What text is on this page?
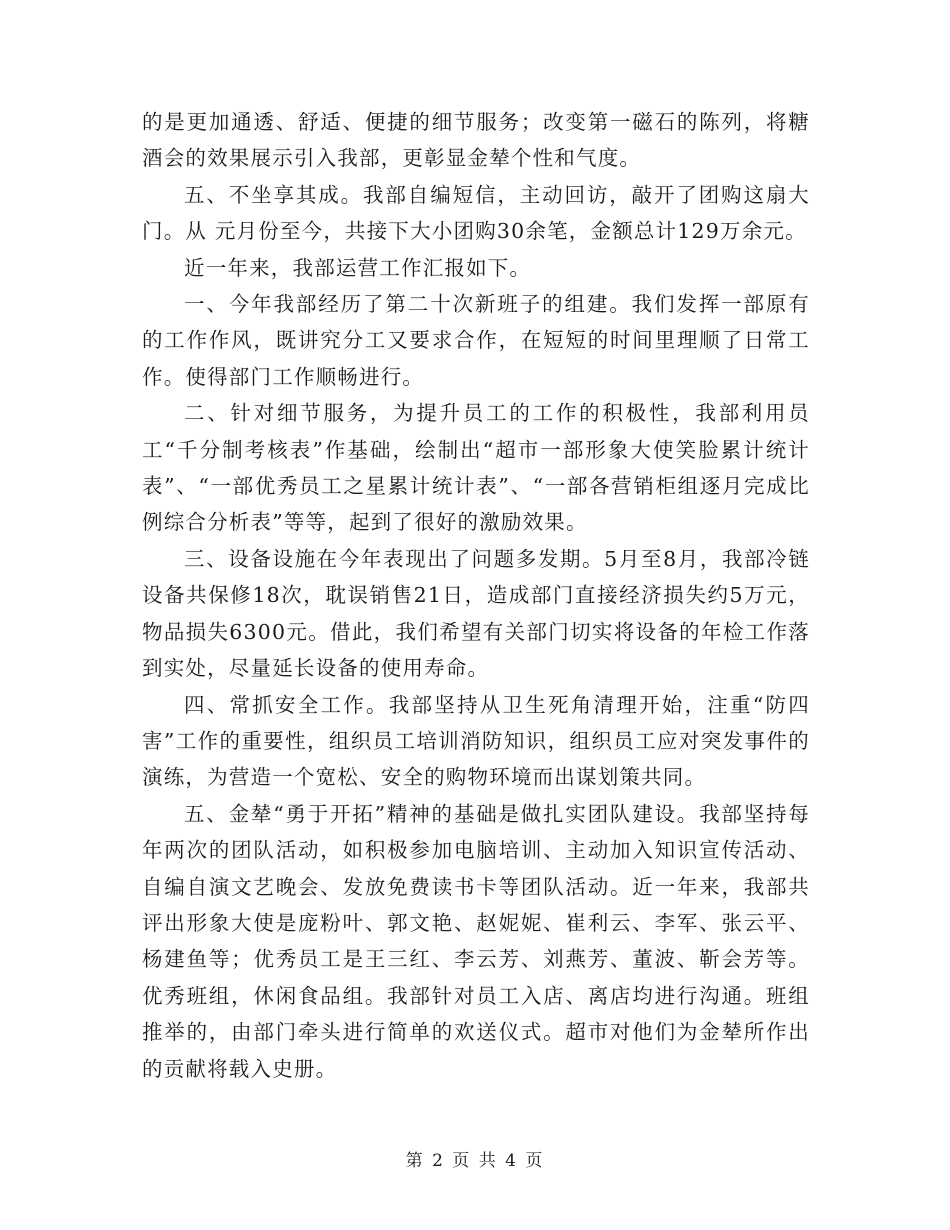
的是更加通透、舒适、便捷的细节服务；改变第一磁石的陈列，将糖酒会的效果展示引入我部，更彰显金辇个性和气度。

五、不坐享其成。我部自编短信，主动回访，敲开了团购这扇大门。从 元月份至今，共接下大小团购30余笔，金额总计129万余元。

近一年来，我部运营工作汇报如下。

一、今年我部经历了第二十次新班子的组建。我们发挥一部原有的工作作风，既讲究分工又要求合作，在短短的时间里理顺了日常工作。使得部门工作顺畅进行。

二、针对细节服务，为提升员工的工作的积极性，我部利用员工“千分制考核表”作基础，绘制出“超市一部形象大使笑脸累计统计表”、“一部优秀员工之星累计统计表”、“一部各营销柜组逐月完成比例综合分析表”等等，起到了很好的激励效果。

三、设备设施在今年表现出了问题多发期。5月至8月，我部冷链设备共保修18次，耽误销售21日，造成部门直接经济损失约5万元，物品损失6300元。借此，我们希望有关部门切实将设备的年检工作落到实处，尽量延长设备的使用寿命。

四、常抓安全工作。我部坚持从卫生死角清理开始，注重“防四害”工作的重要性，组织员工培训消防知识，组织员工应对突发事件的演练，为营造一个宽松、安全的购物环境而出谋划策共同。

五、金辇“勇于开拓”精神的基础是做扎实团队建设。我部坚持每年两次的团队活动，如积极参加电脑培训、主动加入知识宣传活动、自编自演文艺晚会、发放免费读书卡等团队活动。近一年来，我部共评出形象大使是庞粉叶、郭文艳、赵妮妮、崔利云、李军、张云平、杨建鱼等；优秀员工是王三红、李云芳、刘燕芳、董波、靳会芳等。优秀班组，休闲食品组。我部针对员工入店、离店均进行沟通。班组推举的，由部门牵头进行简单的欢送仪式。超市对他们为金辇所作出的贡献将载入史册。

第 2 页 共 4 页
